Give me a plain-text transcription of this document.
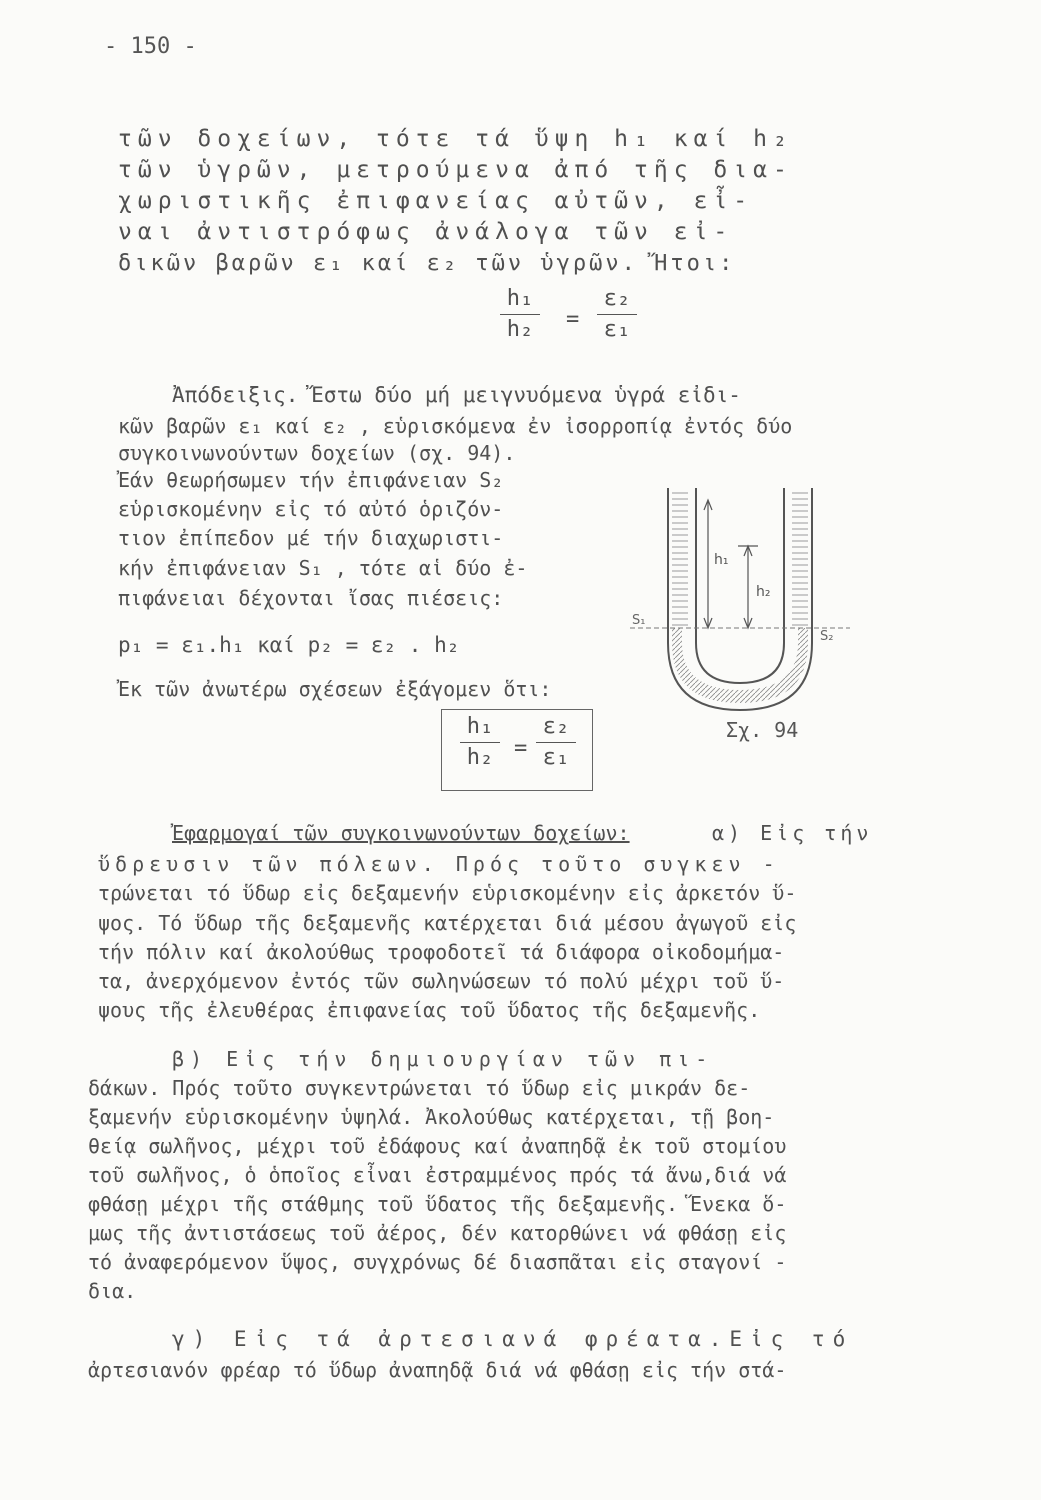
- 150 -
τῶν δοχείων, τότε τά ὕψη h₁ καί h₂
τῶν ὑγρῶν, μετρούμενα ἀπό τῆς δια-
χωριστικῆς ἐπιφανείας αὐτῶν, εἶ-
ναι ἀντιστρόφως ἀνάλογα τῶν εἰ-
δικῶν βαρῶν ε₁ καί ε₂ τῶν ὑγρῶν. Ἤτοι:
h₁
h₂	=
ε₂
ε₁
Ἀπόδειξις. Ἔστω δύο μή μειγνυόμενα ὑγρά εἰδι-
κῶν βαρῶν ε₁ καί ε₂ , εὑρισκόμενα ἐν ἰσορροπίᾳ ἐντός δύο
συγκοινωνούντων δοχείων (σχ. 94).
Ἐάν θεωρήσωμεν τήν ἐπιφάνειαν S₂
εὑρισκομένην εἰς τό αὐτό ὁριζόν-
τιον ἐπίπεδον μέ τήν διαχωριστι-
κήν ἐπιφάνειαν S₁ , τότε αἱ δύο ἐ-
πιφάνειαι δέχονται ἴσας πιέσεις:
p₁ = ε₁.h₁ καί p₂ = ε₂ . h₂
Ἐκ τῶν ἀνωτέρω σχέσεων ἐξάγομεν ὅτι:
h₁
h₂ =
ε₂
ε₁
h₁
h₂
S₁
S₂
Σχ. 94
Ἐφαρμογαί τῶν συγκοινωνούντων δοχείων:	α) Εἰς τήν
ὕδρευσιν τῶν πόλεων. Πρός τοῦτο συγκεν -
τρώνεται τό ὕδωρ εἰς δεξαμενήν εὑρισκομένην εἰς ἀρκετόν ὕ-
ψος. Τό ὕδωρ τῆς δεξαμενῆς κατέρχεται διά μέσου ἀγωγοῦ εἰς
τήν πόλιν καί ἀκολούθως τροφοδοτεῖ τά διάφορα οἰκοδομήμα-
τα, ἀνερχόμενον ἐντός τῶν σωληνώσεων τό πολύ μέχρι τοῦ ὕ-
ψους τῆς ἐλευθέρας ἐπιφανείας τοῦ ὕδατος τῆς δεξαμενῆς.
β) Εἰς τήν δημιουργίαν τῶν πι-
δάκων. Πρός τοῦτο συγκεντρώνεται τό ὕδωρ εἰς μικράν δε-
ξαμενήν εὑρισκομένην ὑψηλά. Ἀκολούθως κατέρχεται, τῇ βοη-
θείᾳ σωλῆνος, μέχρι τοῦ ἐδάφους καί ἀναπηδᾷ ἐκ τοῦ στομίου
τοῦ σωλῆνος, ὁ ὁποῖος εἶναι ἐστραμμένος πρός τά ἄνω,διά νά
φθάσῃ μέχρι τῆς στάθμης τοῦ ὕδατος τῆς δεξαμενῆς. Ἕνεκα ὅ-
μως τῆς ἀντιστάσεως τοῦ ἀέρος, δέν κατορθώνει νά φθάσῃ εἰς
τό ἀναφερόμενον ὕψος, συγχρόνως δέ διασπᾶται εἰς σταγονί -
δια.
γ) Εἰς τά ἀρτεσιανά φρέατα.Εἰς τό
ἀρτεσιανόν φρέαρ τό ὕδωρ ἀναπηδᾷ διά νά φθάσῃ εἰς τήν στά-
